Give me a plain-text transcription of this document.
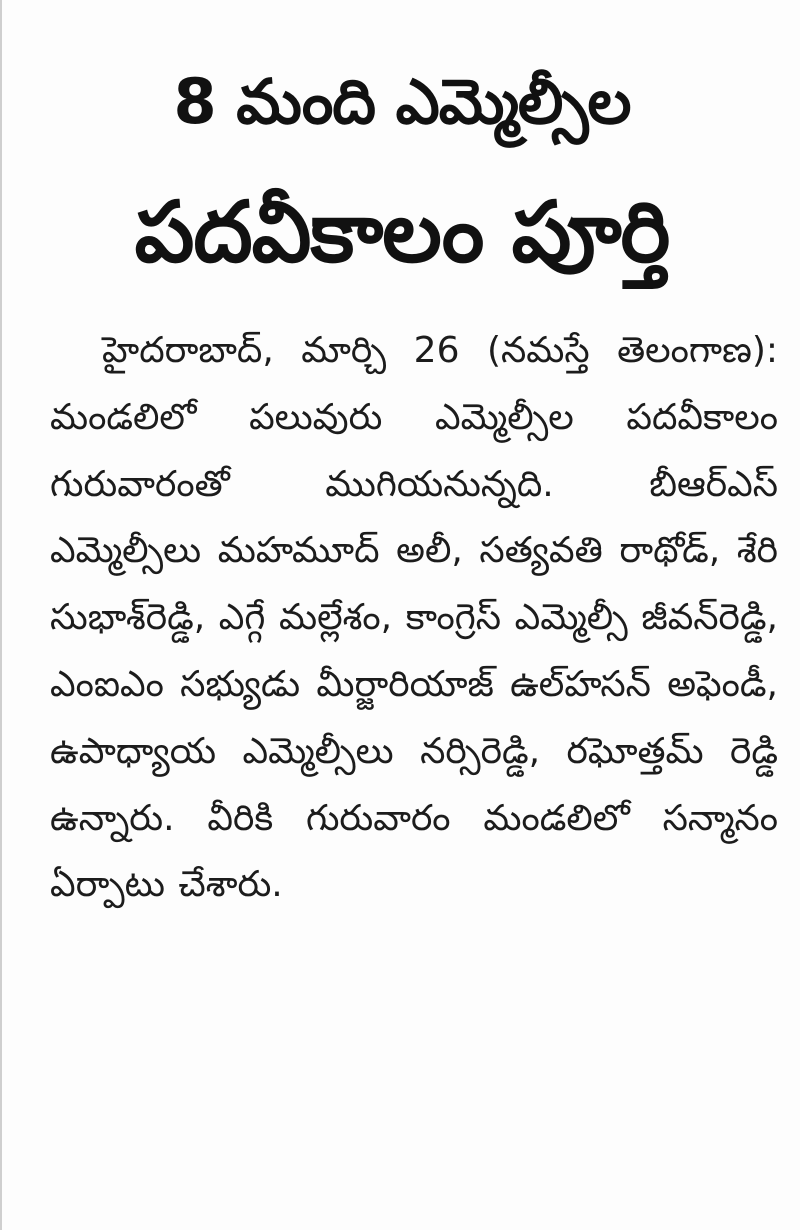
8 మంది ఎమ్మెల్సీల
పదవీకాలం పూర్తి

హైదరాబాద్, మార్చి 26 (నమస్తే తెలంగాణ): మండలిలో పలువురు ఎమ్మెల్సీల పదవీకాలం గురువారంతో ముగియనున్నది. బీఆర్ఎస్ ఎమ్మెల్సీలు మహమూద్ అలీ, సత్యవతి రాథోడ్, శేరి సుభాశ్‌రెడ్డి, ఎగ్గే మల్లేశం, కాంగ్రెస్ ఎమ్మెల్సీ జీవన్‌రెడ్డి, ఎంఐఎం సభ్యుడు మీర్జారియాజ్ ఉల్‌హసన్ అఫెండీ, ఉపాధ్యాయ ఎమ్మెల్సీలు నర్సిరెడ్డి, రఘోత్తమ్ రెడ్డి ఉన్నారు. వీరికి గురువారం మండలిలో సన్మానం ఏర్పాటు చేశారు.
